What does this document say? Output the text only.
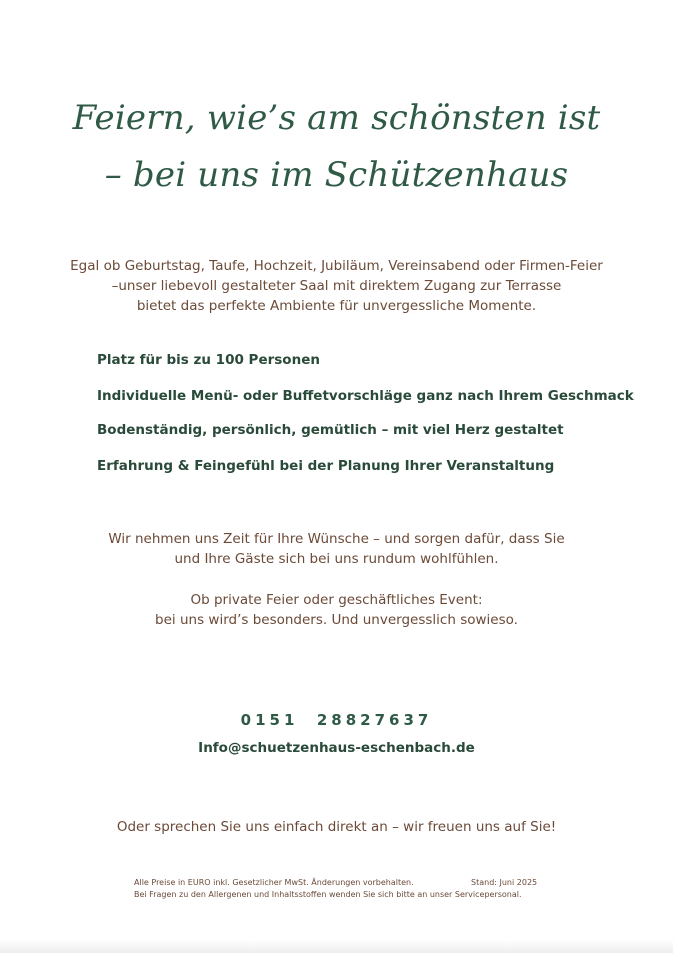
Feiern, wie’s am schönsten ist
– bei uns im Schützenhaus
Egal ob Geburtstag, Taufe, Hochzeit, Jubiläum, Vereinsabend oder Firmen-Feier
–unser liebevoll gestalteter Saal mit direktem Zugang zur Terrasse
bietet das perfekte Ambiente für unvergessliche Momente.
Platz für bis zu 100 Personen
Individuelle Menü- oder Buffetvorschläge ganz nach Ihrem Geschmack
Bodenständig, persönlich, gemütlich – mit viel Herz gestaltet
Erfahrung & Feingefühl bei der Planung Ihrer Veranstaltung
Wir nehmen uns Zeit für Ihre Wünsche – und sorgen dafür, dass Sie
und Ihre Gäste sich bei uns rundum wohlfühlen.
Ob private Feier oder geschäftliches Event:
bei uns wird’s besonders. Und unvergesslich sowieso.
0151  28827637
Info@schuetzenhaus-eschenbach.de
Oder sprechen Sie uns einfach direkt an – wir freuen uns auf Sie!
Alle Preise in EURO inkl. Gesetzlicher MwSt. Änderungen vorbehalten.	Stand: Juni 2025
Bei Fragen zu den Allergenen und Inhaltsstoffen wenden Sie sich bitte an unser Servicepersonal.
